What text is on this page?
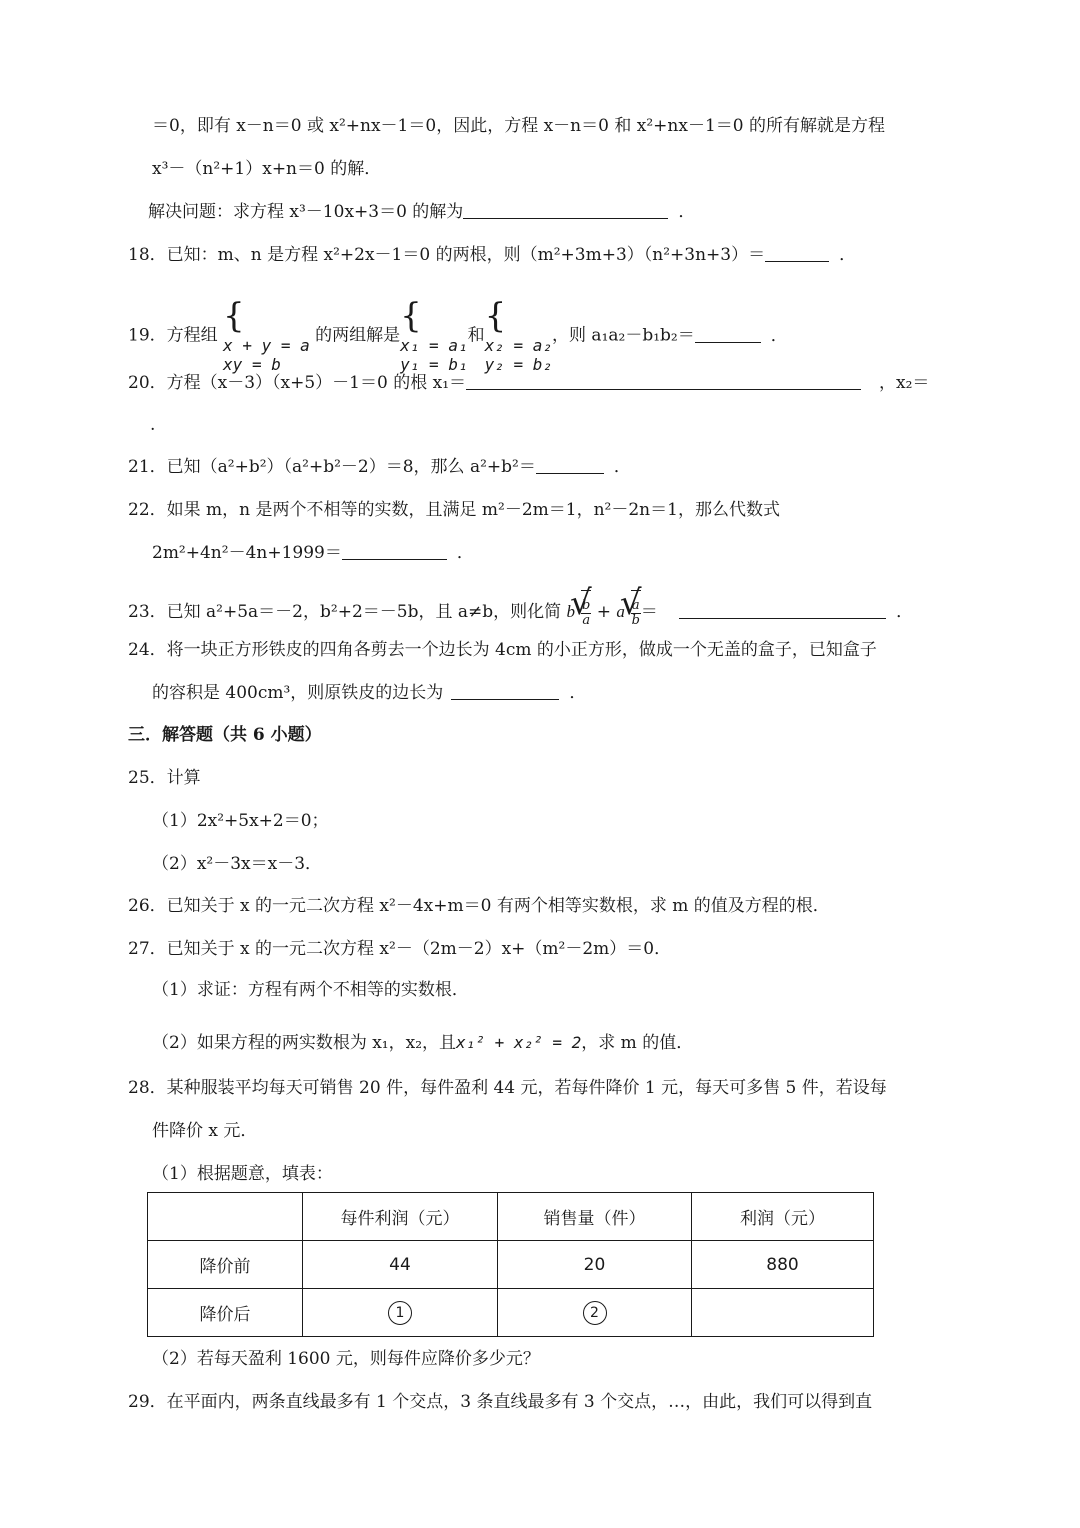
＝0，即有 x－n＝0 或 x²+nx－1＝0，因此，方程 x－n＝0 和 x²+nx－1＝0 的所有解就是方程
x³－（n²+1）x+n＝0 的解．
解决问题：求方程 x³－10x+3＝0 的解为	．
18．已知：m、n 是方程 x²+2x－1＝0 的两根，则（m²+3m+3）（n²+3n+3）＝	．
19．方程组 {
x + y = a
xy = b
的两组解是 {
x₁ = a₁
y₁ = b₁
和 {
x₂ = a₂
y₂ = b₂
，则 a₁a₂－b₁b₂＝	．
20．方程（x－3）（x+5）－1＝0 的根 x₁＝	，x₂＝
.
21．已知（a²+b²）（a²+b²－2）＝8，那么 a²+b²＝	．
22．如果 m，n 是两个不相等的实数，且满足 m²－2m＝1，n²－2n＝1，那么代数式
2m²+4n²－4n+1999＝	．
23．已知 a²+5a＝－2，b²+2＝－5b，且 a≠b，则化简 b √ $\frac{b}{a} + a$ √ $\frac{a}{b}$ ＝	．
24．将一块正方形铁皮的四角各剪去一个边长为 4cm 的小正方形，做成一个无盖的盒子，已知盒子
的容积是 400cm³，则原铁皮的边长为	．
三．解答题（共 6 小题）
25．计算
（1）2x²+5x+2＝0；
（2）x²－3x＝x－3．
26．已知关于 x 的一元二次方程 x²－4x+m＝0 有两个相等实数根，求 m 的值及方程的根．
27．已知关于 x 的一元二次方程 x²－（2m－2）x+（m²－2m）＝0．
（1）求证：方程有两个不相等的实数根．
（2）如果方程的两实数根为 x₁，x₂，且x₁² + x₂² = 2，求 m 的值．
28．某种服装平均每天可销售 20 件，每件盈利 44 元，若每件降价 1 元，每天可多售 5 件，若设每
件降价 x 元．
（1）根据题意，填表：
	每件利润（元）	销售量（件）	利润（元）
降价前	44	20	880
降价后	1	2	
（2）若每天盈利 1600 元，则每件应降价多少元？
29．在平面内，两条直线最多有 1 个交点，3 条直线最多有 3 个交点，…，由此，我们可以得到直
